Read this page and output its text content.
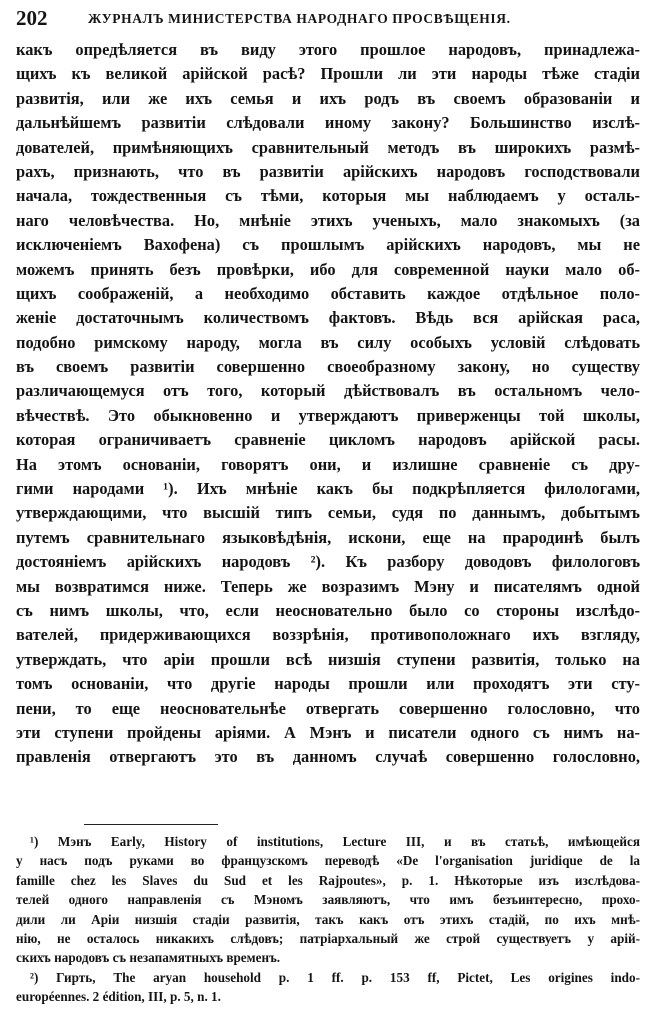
202	ЖУРНАЛЪ МИНИСТЕРСТВА НАРОДНАГО ПРОСВѢЩЕНІЯ.
какъ опредѣляется въ виду этого прошлое народовъ, принадлежа-
щихъ къ великой арійской расѣ? Прошли ли эти народы тѣже стадіи
развитія, или же ихъ семья и ихъ родъ въ своемъ образованіи и
дальнѣйшемъ развитіи слѣдовали иному закону? Большинство изслѣ-
дователей, примѣняющихъ сравнительный методъ въ широкихъ размѣ-
рахъ, признають, что въ развитіи арійскихъ народовъ господствовали
начала, тождественныя съ тѣми, которыя мы наблюдаемъ у осталь-
наго человѣчества. Но, мнѣніе этихъ ученыхъ, мало знакомыхъ (за
исключеніемъ Вахофена) съ прошлымъ арійскихъ народовъ, мы не
можемъ принять безъ провѣрки, ибо для современной науки мало об-
щихъ соображеній, а необходимо обставить каждое отдѣльное поло-
женіе достаточнымъ количествомъ фактовъ. Вѣдь вся арійская раса,
подобно римскому народу, могла въ силу особыхъ условій слѣдовать
въ своемъ развитіи совершенно своеобразному закону, но существу
различающемуся отъ того, который дѣйствовалъ въ остальномъ чело-
вѣчествѣ. Это обыкновенно и утверждаютъ приверженцы той школы,
которая ограничиваетъ сравненіе цикломъ народовъ арійской расы.
На этомъ основаніи, говорятъ они, и излишне сравненіе съ дру-
гими народами ¹). Ихъ мнѣніе какъ бы подкрѣпляется филологами,
утверждающими, что высшій типъ семьи, судя по даннымъ, добытымъ
путемъ сравнительнаго языковѣдѣнія, искони, еще на прародинѣ былъ
достояніемъ арійскихъ народовъ ²). Къ разбору доводовъ филологовъ
мы возвратимся ниже. Теперь же возразимъ Мэну и писателямъ одной
съ нимъ школы, что, если неосновательно было со стороны изслѣдо-
вателей, придерживающихся воззрѣнія, противоположнаго ихъ взгляду,
утверждать, что аріи прошли всѣ низшія ступени развитія, только на
томъ основаніи, что другіе народы прошли или проходятъ эти сту-
пени, то еще неосновательнѣе отвергать совершенно голословно, что
эти ступени пройдены аріями. А Мэнъ и писатели одного съ нимъ на-
правленія отвергаютъ это въ данномъ случаѣ совершенно голословно,
¹) Мэнъ Early, History of institutions, Lecture III, и въ статьѣ, имѣющейся
у насъ подъ руками во французскомъ переводѣ «De l'organisation juridique de la
famille chez les Slaves du Sud et les Rajpoutes», p. 1. Нѣкоторые изъ изслѣдова-
телей одного направленія съ Мэномъ заявляютъ, что имъ безъинтересно, прохо-
дили ли Аріи низшія стадіи развитія, такъ какъ отъ этихъ стадій, по ихъ мнѣ-
нію, не осталось никакихъ слѣдовъ; патріархальный же строй существуетъ у арій-
скихъ народовъ съ незапамятныхъ временъ.
²) Гирть, The aryan household p. 1 ff. p. 153 ff, Pictet, Les origines indo-
européennes. 2 édition, III, p. 5, n. 1.
